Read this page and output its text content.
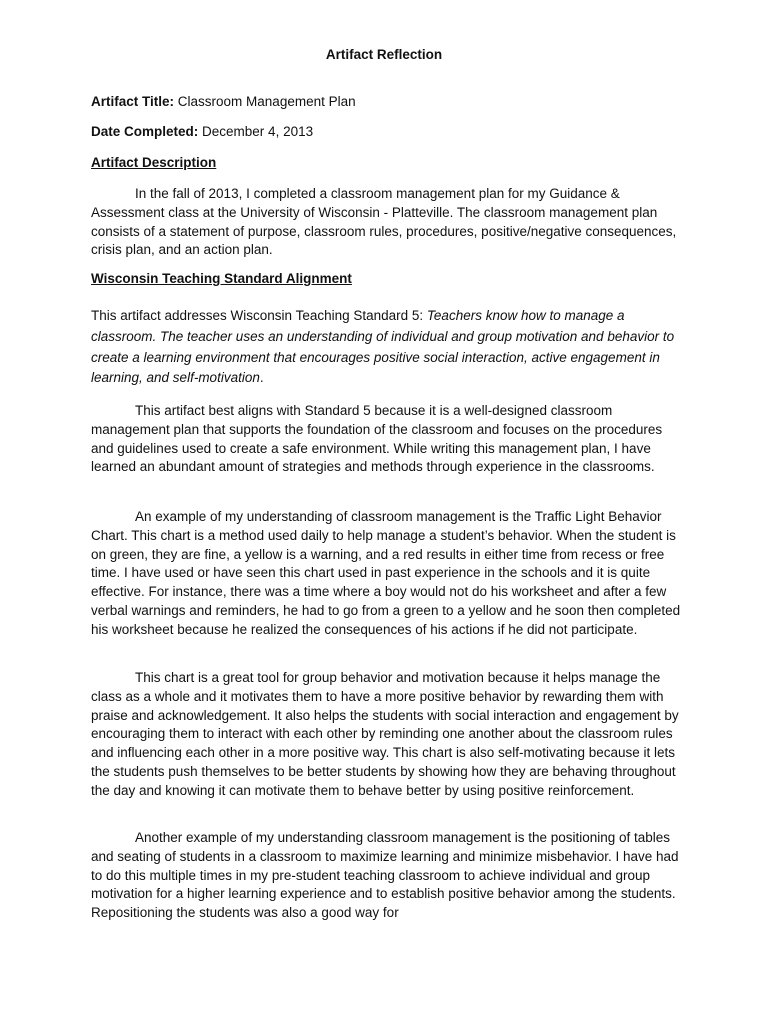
Artifact Reflection

Artifact Title: Classroom Management Plan

Date Completed: December 4, 2013

Artifact Description

In the fall of 2013, I completed a classroom management plan for my Guidance & Assessment class at the University of Wisconsin - Platteville. The classroom management plan consists of a statement of purpose, classroom rules, procedures, positive/negative consequences, crisis plan, and an action plan.

Wisconsin Teaching Standard Alignment

This artifact addresses Wisconsin Teaching Standard 5: Teachers know how to manage a classroom. The teacher uses an understanding of individual and group motivation and behavior to create a learning environment that encourages positive social interaction, active engagement in learning, and self-motivation.

This artifact best aligns with Standard 5 because it is a well-designed classroom management plan that supports the foundation of the classroom and focuses on the procedures and guidelines used to create a safe environment. While writing this management plan, I have learned an abundant amount of strategies and methods through experience in the classrooms.

An example of my understanding of classroom management is the Traffic Light Behavior Chart. This chart is a method used daily to help manage a student’s behavior. When the student is on green, they are fine, a yellow is a warning, and a red results in either time from recess or free time. I have used or have seen this chart used in past experience in the schools and it is quite effective. For instance, there was a time where a boy would not do his worksheet and after a few verbal warnings and reminders, he had to go from a green to a yellow and he soon then completed his worksheet because he realized the consequences of his actions if he did not participate.

This chart is a great tool for group behavior and motivation because it helps manage the class as a whole and it motivates them to have a more positive behavior by rewarding them with praise and acknowledgement. It also helps the students with social interaction and engagement by encouraging them to interact with each other by reminding one another about the classroom rules and influencing each other in a more positive way. This chart is also self-motivating because it lets the students push themselves to be better students by showing how they are behaving throughout the day and knowing it can motivate them to behave better by using positive reinforcement.

Another example of my understanding classroom management is the positioning of tables and seating of students in a classroom to maximize learning and minimize misbehavior. I have had to do this multiple times in my pre-student teaching classroom to achieve individual and group motivation for a higher learning experience and to establish positive behavior among the students. Repositioning the students was also a good way for
